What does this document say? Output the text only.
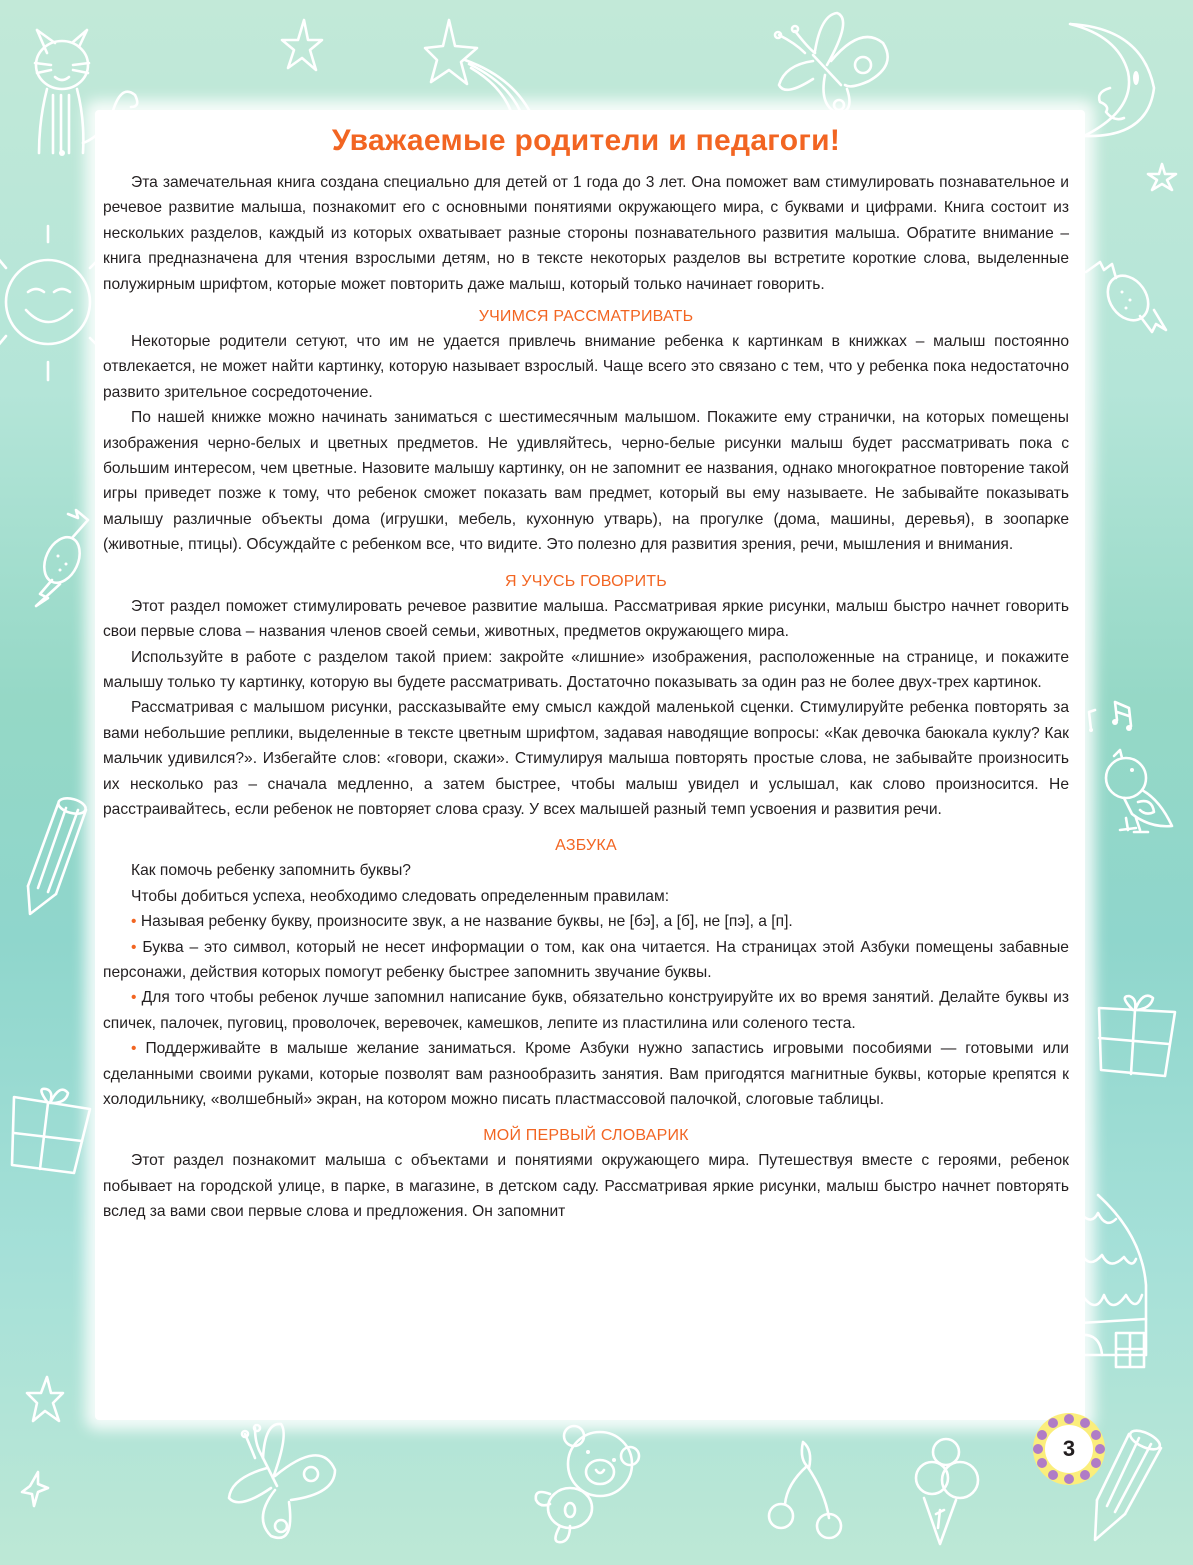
Уважаемые родители и педагоги!

Эта замечательная книга создана специально для детей от 1 года до 3 лет. Она поможет вам стимулировать познавательное и речевое развитие малыша, познакомит его с основными понятиями окружающего мира, с буквами и цифрами. Книга состоит из нескольких разделов, каждый из которых охватывает разные стороны познавательного развития малыша. Обратите внимание – книга предназначена для чтения взрослыми детям, но в тексте некоторых разделов вы встретите короткие слова, выделенные полужирным шрифтом, которые может повторить даже малыш, который только начинает говорить.

УЧИМСЯ РАССМАТРИВАТЬ

Некоторые родители сетуют, что им не удается привлечь внимание ребенка к картинкам в книжках – малыш постоянно отвлекается, не может найти картинку, которую называет взрослый. Чаще всего это связано с тем, что у ребенка пока недостаточно развито зрительное сосредоточение.

По нашей книжке можно начинать заниматься с шестимесячным малышом. Покажите ему странички, на которых помещены изображения черно-белых и цветных предметов. Не удивляйтесь, черно-белые рисунки малыш будет рассматривать пока с большим интересом, чем цветные. Назовите малышу картинку, он не запомнит ее названия, однако многократное повторение такой игры приведет позже к тому, что ребенок сможет показать вам предмет, который вы ему называете. Не забывайте показывать малышу различные объекты дома (игрушки, мебель, кухонную утварь), на прогулке (дома, машины, деревья), в зоопарке (животные, птицы). Обсуждайте с ребенком все, что видите. Это полезно для развития зрения, речи, мышления и внимания.

Я УЧУСЬ ГОВОРИТЬ

Этот раздел поможет стимулировать речевое развитие малыша. Рассматривая яркие рисунки, малыш быстро начнет говорить свои первые слова – названия членов своей семьи, животных, предметов окружающего мира.

Используйте в работе с разделом такой прием: закройте «лишние» изображения, расположенные на странице, и покажите малышу только ту картинку, которую вы будете рассматривать. Достаточно показывать за один раз не более двух-трех картинок.

Рассматривая с малышом рисунки, рассказывайте ему смысл каждой маленькой сценки. Стимулируйте ребенка повторять за вами небольшие реплики, выделенные в тексте цветным шрифтом, задавая наводящие вопросы: «Как девочка баюкала куклу? Как мальчик удивился?». Избегайте слов: «говори, скажи». Стимулируя малыша повторять простые слова, не забывайте произносить их несколько раз – сначала медленно, а затем быстрее, чтобы малыш увидел и услышал, как слово произносится. Не расстраивайтесь, если ребенок не повторяет слова сразу. У всех малышей разный темп усвоения и развития речи.

АЗБУКА

Как помочь ребенку запомнить буквы?

Чтобы добиться успеха, необходимо следовать определенным правилам:

• Называя ребенку букву, произносите звук, а не название буквы, не [бэ], а [б], не [пэ], а [п].

• Буква – это символ, который не несет информации о том, как она читается. На страницах этой Азбуки помещены забавные персонажи, действия которых помогут ребенку быстрее запомнить звучание буквы.

• Для того чтобы ребенок лучше запомнил написание букв, обязательно конструируйте их во время занятий. Делайте буквы из спичек, палочек, пуговиц, проволочек, веревочек, камешков, лепите из пластилина или соленого теста.

• Поддерживайте в малыше желание заниматься. Кроме Азбуки нужно запастись игровыми пособиями — готовыми или сделанными своими руками, которые позволят вам разнообразить занятия. Вам пригодятся магнитные буквы, которые крепятся к холодильнику, «волшебный» экран, на котором можно писать пластмассовой палочкой, слоговые таблицы.

МОЙ ПЕРВЫЙ СЛОВАРИК

Этот раздел познакомит малыша с объектами и понятиями окружающего мира. Путешествуя вместе с героями, ребенок побывает на городской улице, в парке, в магазине, в детском саду. Рассматривая яркие рисунки, малыш быстро начнет повторять вслед за вами свои первые слова и предложения. Он запомнит

3
